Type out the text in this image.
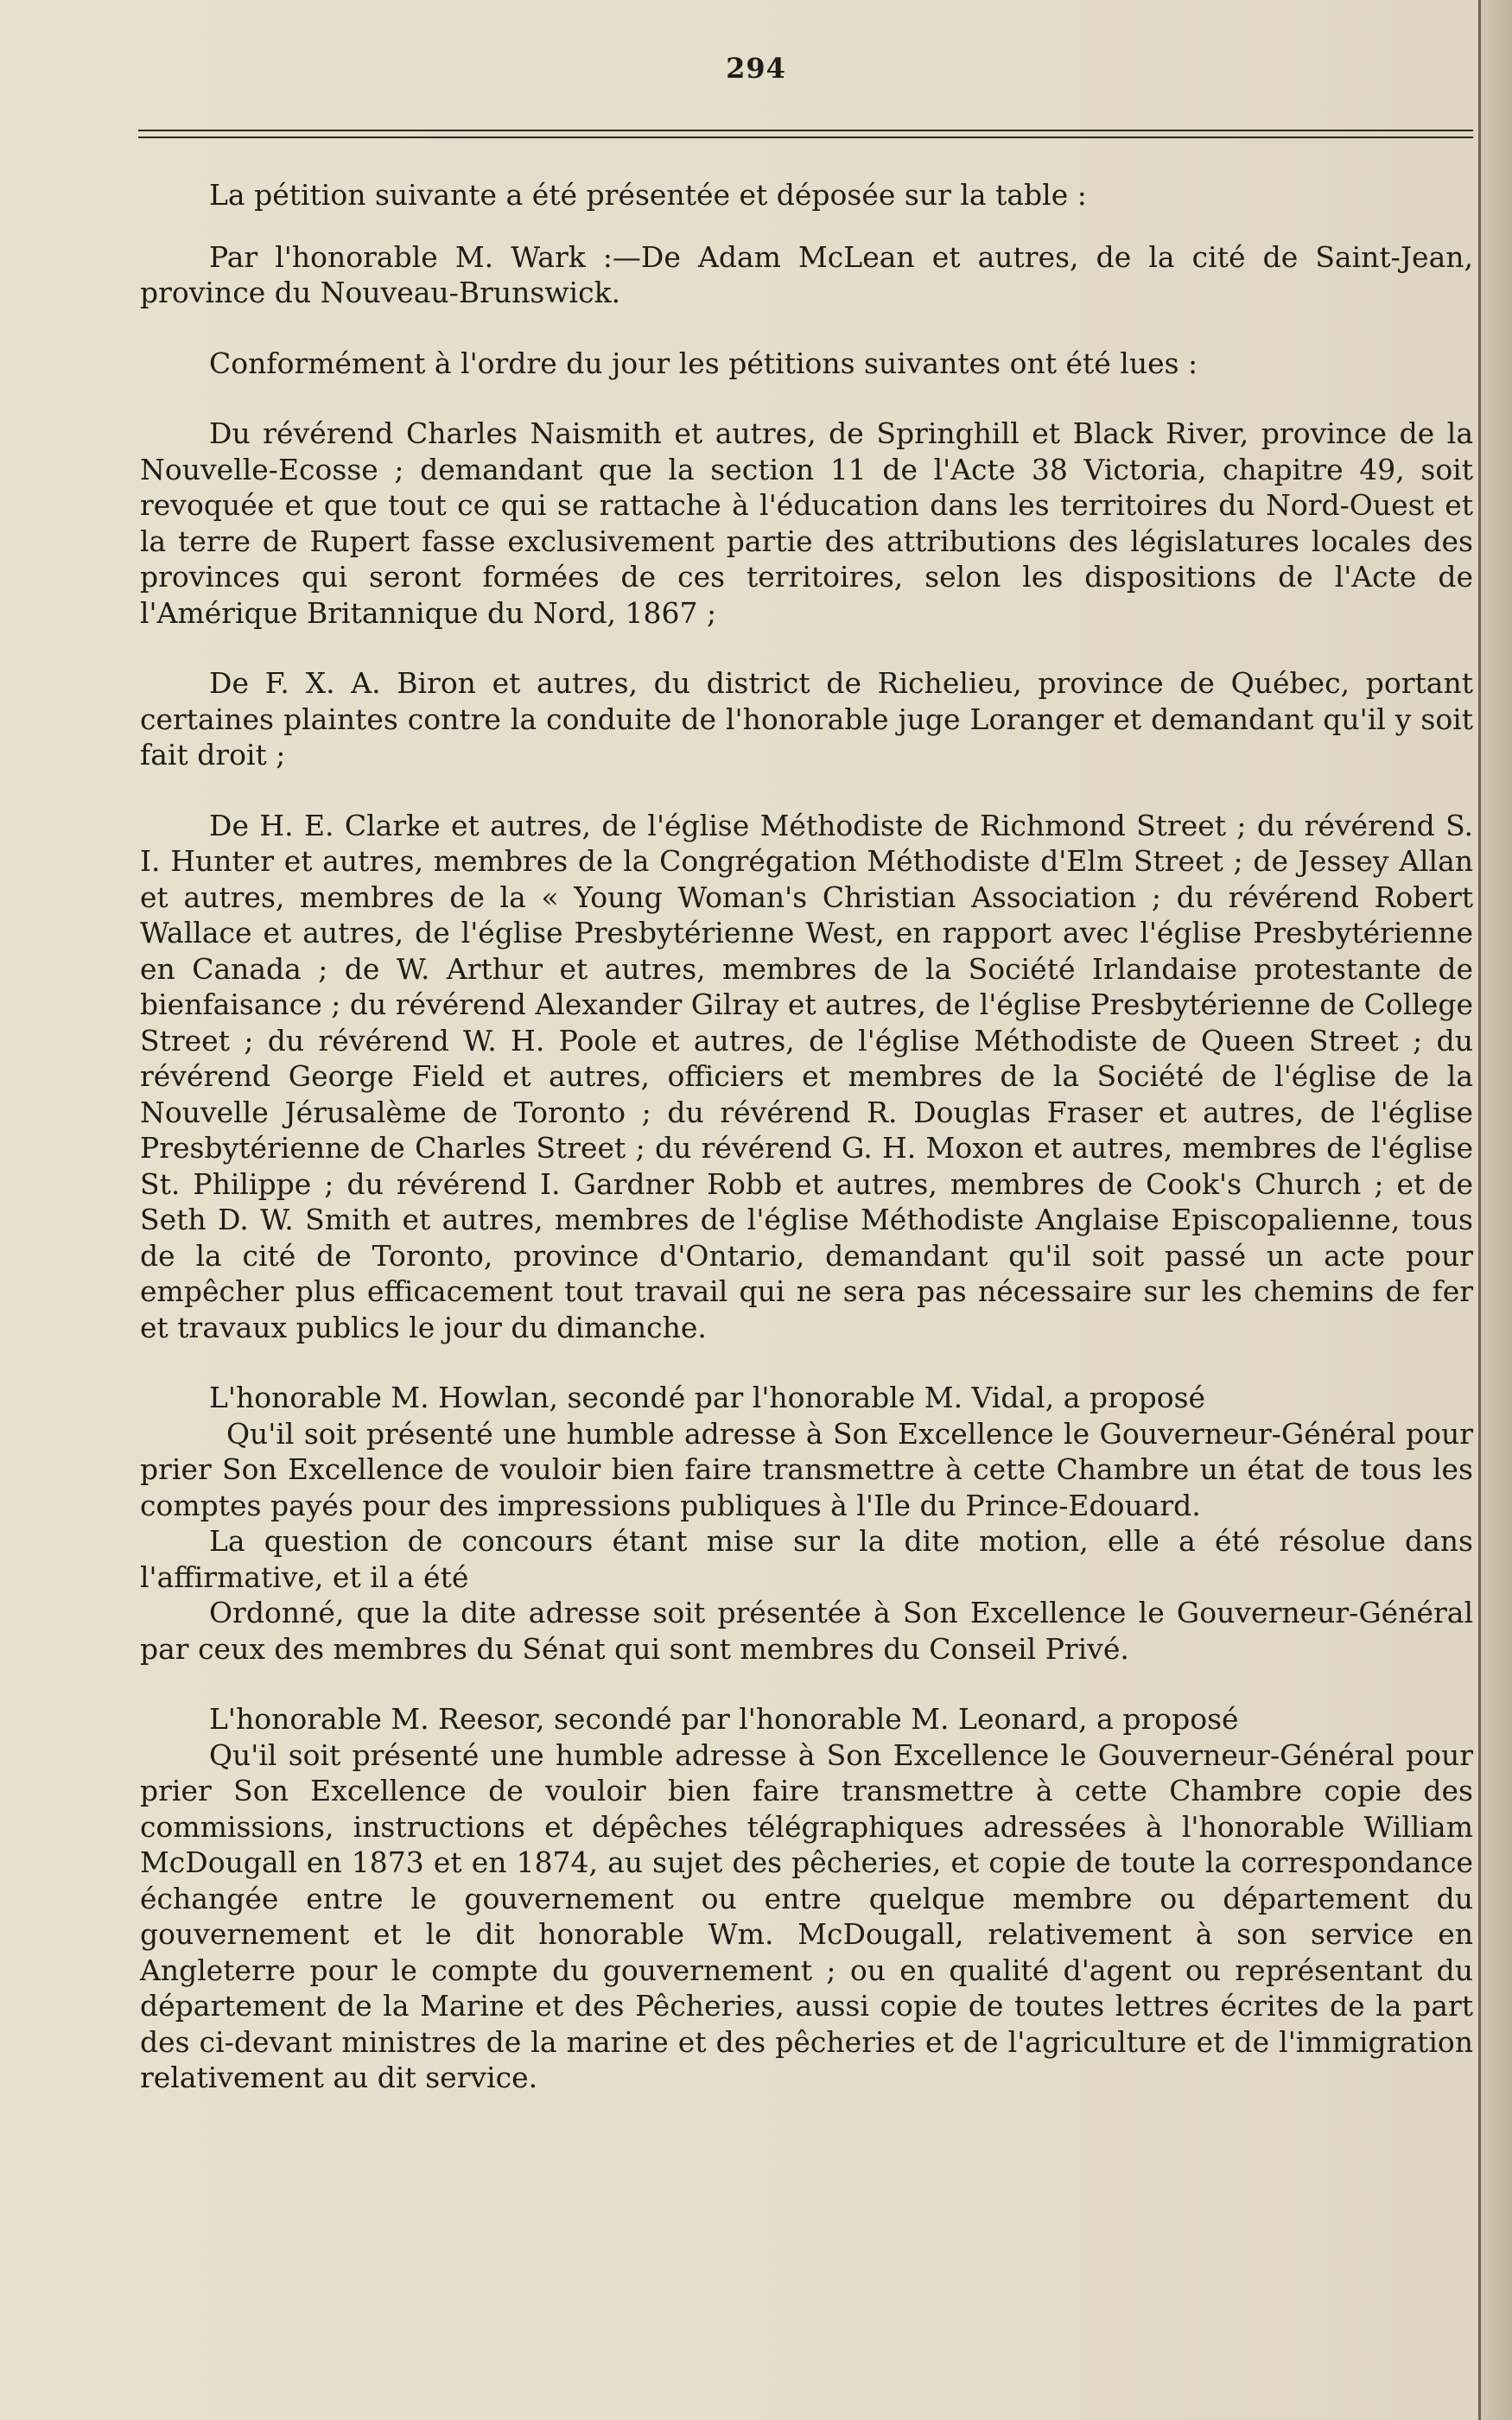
294

La pétition suivante a été présentée et déposée sur la table :

Par l'honorable M. Wark :—De Adam McLean et autres, de la cité de Saint-Jean, province du Nouveau-Brunswick.

Conformément à l'ordre du jour les pétitions suivantes ont été lues :

Du révérend Charles Naismith et autres, de Springhill et Black River, province de la Nouvelle-Ecosse ; demandant que la section 11 de l'Acte 38 Victoria, chapitre 49, soit revoquée et que tout ce qui se rattache à l'éducation dans les territoires du Nord-Ouest et la terre de Rupert fasse exclusivement partie des attributions des législatures locales des provinces qui seront formées de ces territoires, selon les dispositions de l'Acte de l'Amérique Britannique du Nord, 1867 ;

De F. X. A. Biron et autres, du district de Richelieu, province de Québec, portant certaines plaintes contre la conduite de l'honorable juge Loranger et demandant qu'il y soit fait droit ;

De H. E. Clarke et autres, de l'église Méthodiste de Richmond Street ; du révérend S. I. Hunter et autres, membres de la Congrégation Méthodiste d'Elm Street ; de Jessey Allan et autres, membres de la « Young Woman's Christian Association ; du révérend Robert Wallace et autres, de l'église Presbytérienne West, en rapport avec l'église Presbytérienne en Canada ; de W. Arthur et autres, membres de la Société Irlandaise protestante de bienfaisance ; du révérend Alexander Gilray et autres, de l'église Presbytérienne de College Street ; du révérend W. H. Poole et autres, de l'église Méthodiste de Queen Street ; du révérend George Field et autres, officiers et membres de la Société de l'église de la Nouvelle Jérusalème de Toronto ; du révérend R. Douglas Fraser et autres, de l'église Presbytérienne de Charles Street ; du révérend G. H. Moxon et autres, membres de l'église St. Philippe ; du révérend I. Gardner Robb et autres, membres de Cook's Church ; et de Seth D. W. Smith et autres, membres de l'église Méthodiste Anglaise Episcopalienne, tous de la cité de Toronto, province d'Ontario, demandant qu'il soit passé un acte pour empêcher plus efficacement tout travail qui ne sera pas nécessaire sur les chemins de fer et travaux publics le jour du dimanche.

L'honorable M. Howlan, secondé par l'honorable M. Vidal, a proposé

Qu'il soit présenté une humble adresse à Son Excellence le Gouverneur-Général pour prier Son Excellence de vouloir bien faire transmettre à cette Chambre un état de tous les comptes payés pour des impressions publiques à l'Ile du Prince-Edouard.

La question de concours étant mise sur la dite motion, elle a été résolue dans l'affirmative, et il a été

Ordonné, que la dite adresse soit présentée à Son Excellence le Gouverneur-Général par ceux des membres du Sénat qui sont membres du Conseil Privé.

L'honorable M. Reesor, secondé par l'honorable M. Leonard, a proposé

Qu'il soit présenté une humble adresse à Son Excellence le Gouverneur-Général pour prier Son Excellence de vouloir bien faire transmettre à cette Chambre copie des commissions, instructions et dépêches télégraphiques adressées à l'honorable William McDougall en 1873 et en 1874, au sujet des pêcheries, et copie de toute la correspondance échangée entre le gouvernement ou entre quelque membre ou département du gouvernement et le dit honorable Wm. McDougall, relativement à son service en Angleterre pour le compte du gouvernement ; ou en qualité d'agent ou représentant du département de la Marine et des Pêcheries, aussi copie de toutes lettres écrites de la part des ci-devant ministres de la marine et des pêcheries et de l'agriculture et de l'immigration relativement au dit service.
